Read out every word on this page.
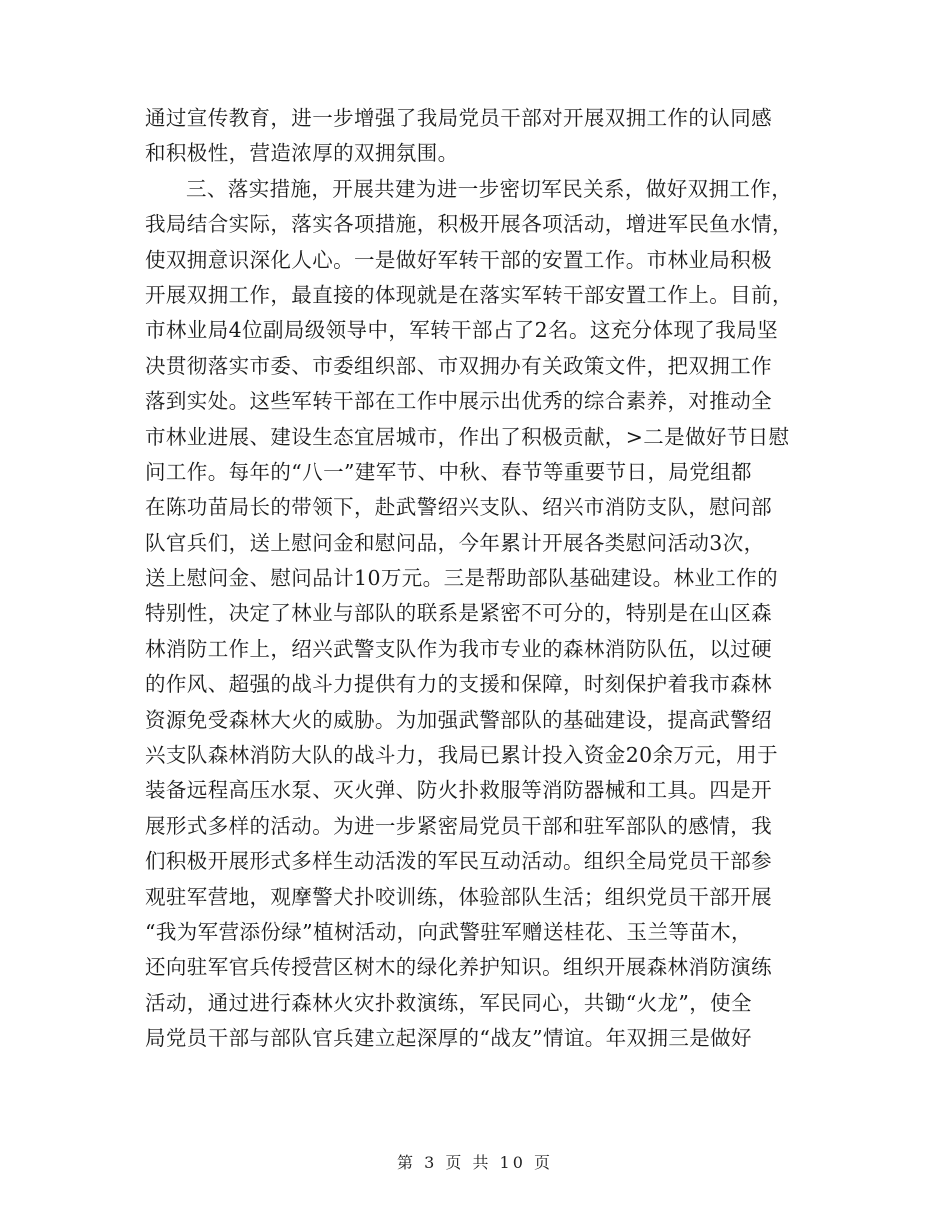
通过宣传教育，进一步增强了我局党员干部对开展双拥工作的认同感
和积极性，营造浓厚的双拥氛围。
三、落实措施，开展共建为进一步密切军民关系，做好双拥工作，
我局结合实际，落实各项措施，积极开展各项活动，增进军民鱼水情，
使双拥意识深化人心。一是做好军转干部的安置工作。市林业局积极
开展双拥工作，最直接的体现就是在落实军转干部安置工作上。目前，
市林业局4位副局级领导中，军转干部占了2名。这充分体现了我局坚
决贯彻落实市委、市委组织部、市双拥办有关政策文件，把双拥工作
落到实处。这些军转干部在工作中展示出优秀的综合素养，对推动全
市林业进展、建设生态宜居城市，作出了积极贡献，>二是做好节日慰
问工作。每年的“八一”建军节、中秋、春节等重要节日，局党组都
在陈功苗局长的带领下，赴武警绍兴支队、绍兴市消防支队，慰问部
队官兵们，送上慰问金和慰问品，今年累计开展各类慰问活动3次，
送上慰问金、慰问品计10万元。三是帮助部队基础建设。林业工作的
特别性，决定了林业与部队的联系是紧密不可分的，特别是在山区森
林消防工作上，绍兴武警支队作为我市专业的森林消防队伍，以过硬
的作风、超强的战斗力提供有力的支援和保障，时刻保护着我市森林
资源免受森林大火的威胁。为加强武警部队的基础建设，提高武警绍
兴支队森林消防大队的战斗力，我局已累计投入资金20余万元，用于
装备远程高压水泵、灭火弹、防火扑救服等消防器械和工具。四是开
展形式多样的活动。为进一步紧密局党员干部和驻军部队的感情，我
们积极开展形式多样生动活泼的军民互动活动。组织全局党员干部参
观驻军营地，观摩警犬扑咬训练，体验部队生活；组织党员干部开展
“我为军营添份绿”植树活动，向武警驻军赠送桂花、玉兰等苗木，
还向驻军官兵传授营区树木的绿化养护知识。组织开展森林消防演练
活动，通过进行森林火灾扑救演练，军民同心，共锄“火龙”，使全
局党员干部与部队官兵建立起深厚的“战友”情谊。年双拥三是做好
第 3 页 共 10 页
